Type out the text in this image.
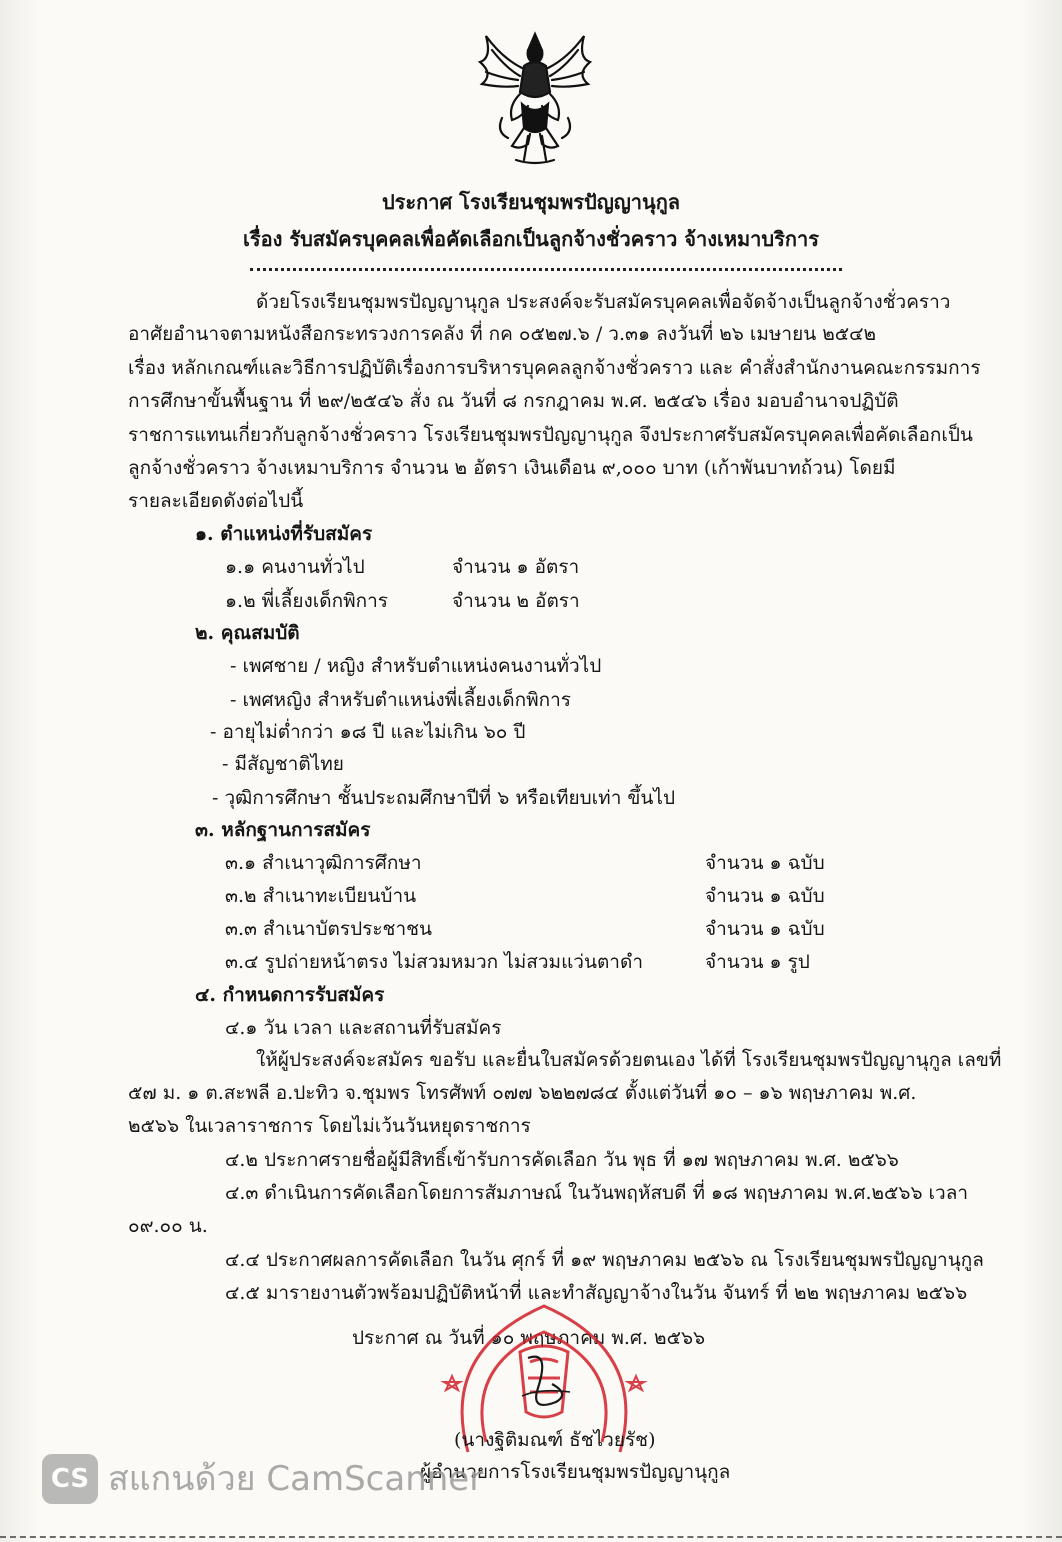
ประกาศ โรงเรียนชุมพรปัญญานุกูล
เรื่อง รับสมัครบุคคลเพื่อคัดเลือกเป็นลูกจ้างชั่วคราว จ้างเหมาบริการ
ด้วยโรงเรียนชุมพรปัญญานุกูล ประสงค์จะรับสมัครบุคคลเพื่อจัดจ้างเป็นลูกจ้างชั่วคราว
อาศัยอำนาจตามหนังสือกระทรวงการคลัง ที่ กค ๐๕๒๗.๖ / ว.๓๑ ลงวันที่ ๒๖ เมษายน ๒๕๔๒
เรื่อง หลักเกณฑ์และวิธีการปฏิบัติเรื่องการบริหารบุคคลลูกจ้างชั่วคราว และ คำสั่งสำนักงานคณะกรรมการ
การศึกษาขั้นพื้นฐาน ที่ ๒๙/๒๕๔๖ สั่ง ณ วันที่ ๘ กรกฎาคม พ.ศ. ๒๕๔๖ เรื่อง มอบอำนาจปฏิบัติ
ราชการแทนเกี่ยวกับลูกจ้างชั่วคราว โรงเรียนชุมพรปัญญานุกูล จึงประกาศรับสมัครบุคคลเพื่อคัดเลือกเป็น
ลูกจ้างชั่วคราว จ้างเหมาบริการ จำนวน ๒ อัตรา เงินเดือน ๙,๐๐๐ บาท (เก้าพันบาทถ้วน) โดยมี
รายละเอียดดังต่อไปนี้
๑. ตำแหน่งที่รับสมัคร
๑.๑ คนงานทั่วไป	จำนวน ๑ อัตรา
๑.๒ พี่เลี้ยงเด็กพิการ	จำนวน ๒ อัตรา
๒. คุณสมบัติ
- เพศชาย / หญิง สำหรับตำแหน่งคนงานทั่วไป
- เพศหญิง สำหรับตำแหน่งพี่เลี้ยงเด็กพิการ
- อายุไม่ต่ำกว่า ๑๘ ปี และไม่เกิน ๖๐ ปี
- มีสัญชาติไทย
- วุฒิการศึกษา ชั้นประถมศึกษาปีที่ ๖ หรือเทียบเท่า ขึ้นไป
๓. หลักฐานการสมัคร
๓.๑ สำเนาวุฒิการศึกษา	จำนวน ๑ ฉบับ
๓.๒ สำเนาทะเบียนบ้าน	จำนวน ๑ ฉบับ
๓.๓ สำเนาบัตรประชาชน	จำนวน ๑ ฉบับ
๓.๔ รูปถ่ายหน้าตรง ไม่สวมหมวก ไม่สวมแว่นตาดำ	จำนวน ๑ รูป
๔. กำหนดการรับสมัคร
๔.๑ วัน เวลา และสถานที่รับสมัคร
ให้ผู้ประสงค์จะสมัคร ขอรับ และยื่นใบสมัครด้วยตนเอง ได้ที่ โรงเรียนชุมพรปัญญานุกูล เลขที่
๕๗ ม. ๑ ต.สะพลี อ.ปะทิว จ.ชุมพร โทรศัพท์ ๐๗๗ ๖๒๒๗๘๔ ตั้งแต่วันที่ ๑๐ – ๑๖ พฤษภาคม พ.ศ.
๒๕๖๖ ในเวลาราชการ โดยไม่เว้นวันหยุดราชการ
๔.๒ ประกาศรายชื่อผู้มีสิทธิ์เข้ารับการคัดเลือก วัน พุธ ที่ ๑๗ พฤษภาคม พ.ศ. ๒๕๖๖
๔.๓ ดำเนินการคัดเลือกโดยการสัมภาษณ์ ในวันพฤหัสบดี ที่ ๑๘ พฤษภาคม พ.ศ.๒๕๖๖ เวลา
๐๙.๐๐ น.
๔.๔ ประกาศผลการคัดเลือก ในวัน ศุกร์ ที่ ๑๙ พฤษภาคม ๒๕๖๖ ณ โรงเรียนชุมพรปัญญานุกูล
๔.๕ มารายงานตัวพร้อมปฏิบัติหน้าที่ และทำสัญญาจ้างในวัน จันทร์ ที่ ๒๒ พฤษภาคม ๒๕๖๖
ประกาศ ณ วันที่ ๑๐ พฤษภาคม พ.ศ. ๒๕๖๖
(นางฐิติมณฑ์ ธัชไวยรัช)
ผู้อำนวยการโรงเรียนชุมพรปัญญานุกูล
CS สแกนด้วย CamScanner
